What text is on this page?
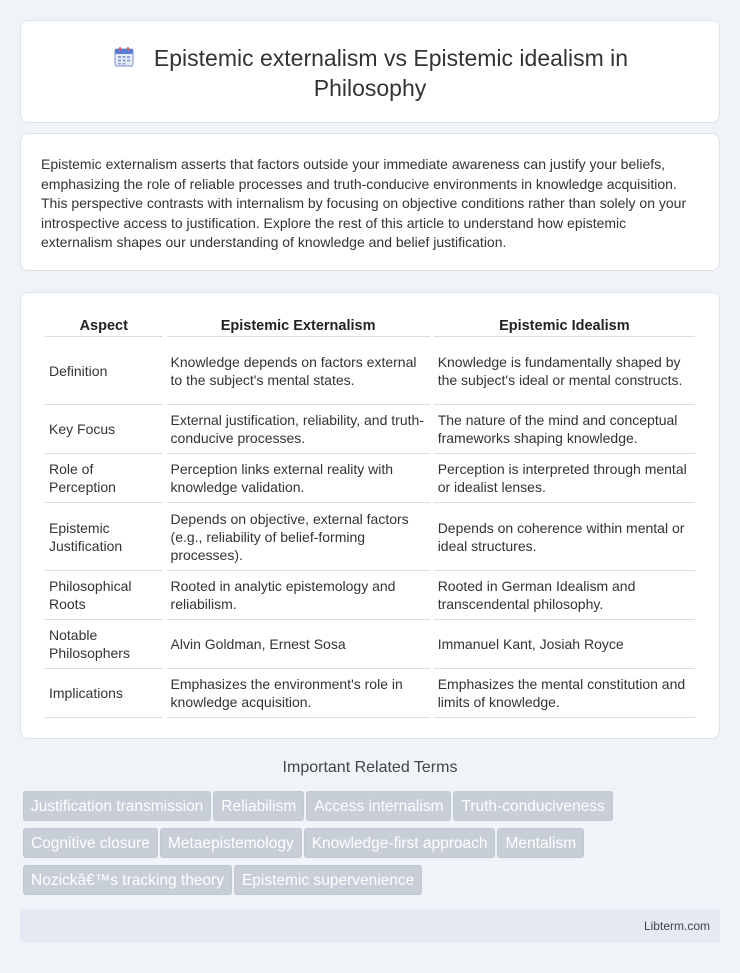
Epistemic externalism vs Epistemic idealism in Philosophy

Epistemic externalism asserts that factors outside your immediate awareness can justify your beliefs, emphasizing the role of reliable processes and truth-conducive environments in knowledge acquisition. This perspective contrasts with internalism by focusing on objective conditions rather than solely on your introspective access to justification. Explore the rest of this article to understand how epistemic externalism shapes our understanding of knowledge and belief justification.

Aspect	Epistemic Externalism	Epistemic Idealism
Definition	Knowledge depends on factors external to the subject's mental states.	Knowledge is fundamentally shaped by the subject's ideal or mental constructs.
Key Focus	External justification, reliability, and truth-conducive processes.	The nature of the mind and conceptual frameworks shaping knowledge.
Role of Perception	Perception links external reality with knowledge validation.	Perception is interpreted through mental or idealist lenses.
Epistemic Justification	Depends on objective, external factors (e.g., reliability of belief-forming processes).	Depends on coherence within mental or ideal structures.
Philosophical Roots	Rooted in analytic epistemology and reliabilism.	Rooted in German Idealism and transcendental philosophy.
Notable Philosophers	Alvin Goldman, Ernest Sosa	Immanuel Kant, Josiah Royce
Implications	Emphasizes the environment's role in knowledge acquisition.	Emphasizes the mental constitution and limits of knowledge.
Important Related Terms
Justification transmission Reliabilism Access internalism Truth-conduciveness
Cognitive closure Metaepistemology Knowledge-first approach Mentalism
Nozickâ€™s tracking theory Epistemic supervenience
Libterm.com
